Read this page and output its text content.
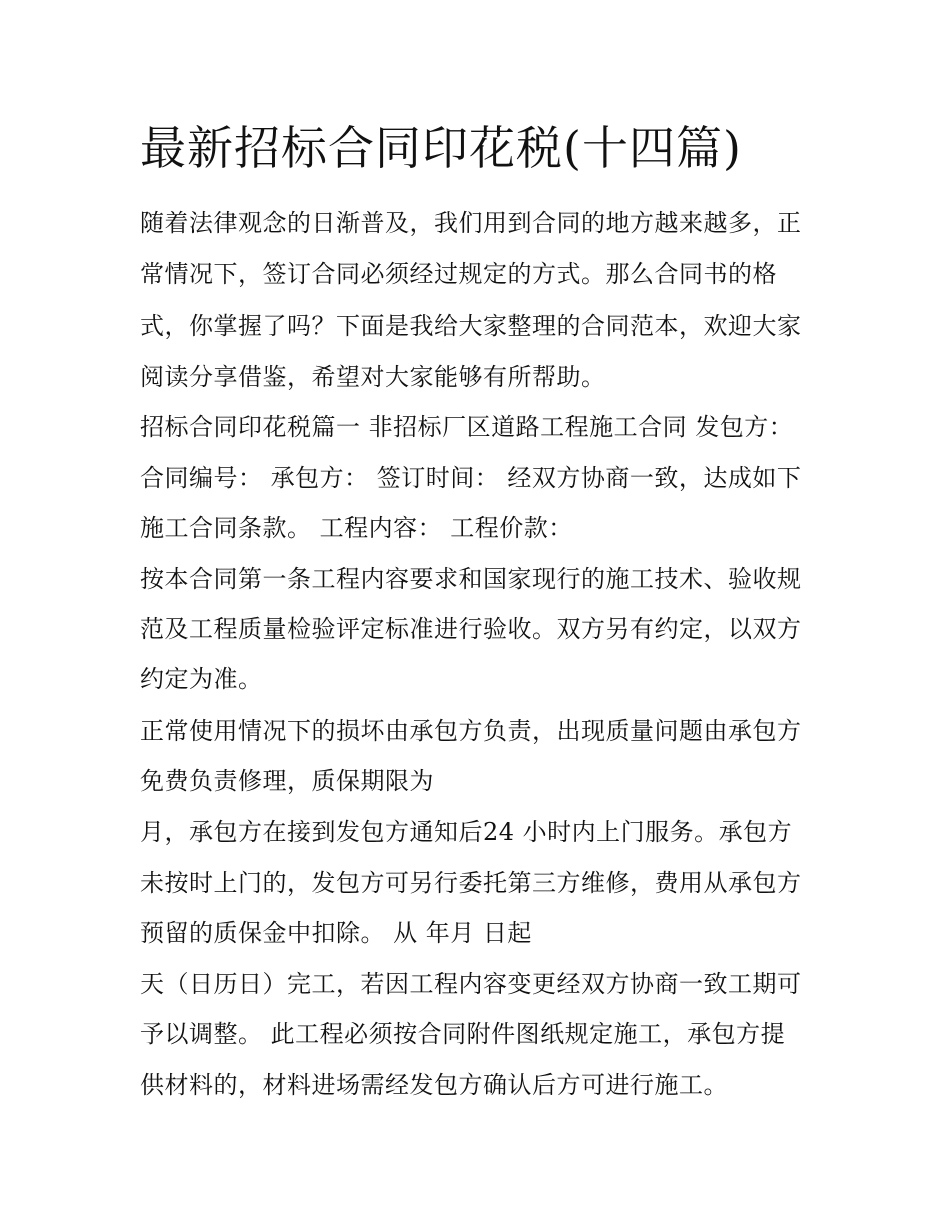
最新招标合同印花税(十四篇)

随着法律观念的日渐普及，我们用到合同的地方越来越多，正

常情况下，签订合同必须经过规定的方式。那么合同书的格

式，你掌握了吗？下面是我给大家整理的合同范本，欢迎大家

阅读分享借鉴，希望对大家能够有所帮助。

招标合同印花税篇一 非招标厂区道路工程施工合同 发包方：

合同编号： 承包方： 签订时间： 经双方协商一致，达成如下

施工合同条款。 工程内容： 工程价款：

按本合同第一条工程内容要求和国家现行的施工技术、验收规

范及工程质量检验评定标准进行验收。双方另有约定，以双方

约定为准。

正常使用情况下的损坏由承包方负责，出现质量问题由承包方

免费负责修理，质保期限为

月，承包方在接到发包方通知后24 小时内上门服务。承包方

未按时上门的，发包方可另行委托第三方维修，费用从承包方

预留的质保金中扣除。 从 年月 日起

天（日历日）完工，若因工程内容变更经双方协商一致工期可

予以调整。 此工程必须按合同附件图纸规定施工，承包方提

供材料的，材料进场需经发包方确认后方可进行施工。
